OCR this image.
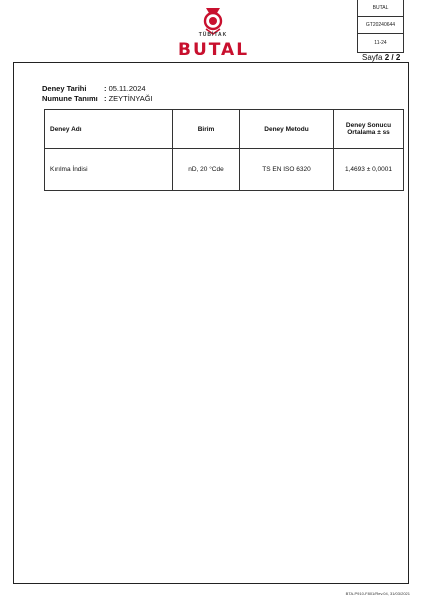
TÜBİTAK
BUTAL
BUTAL
GT20240644
11-24
Sayfa 2 / 2
Deney Tarihi : 05.11.2024
Numune Tanımı : ZEYTİNYAĞI
Deney Adı	Birim	Deney Metodu	Deney Sonucu
Ortalama ± ss

Kırılma İndisi	nD, 20 °Cde	TS EN ISO 6320	1,4693 ± 0,0001
BTA-P910-F801/Rev.04, 31/03/2021
